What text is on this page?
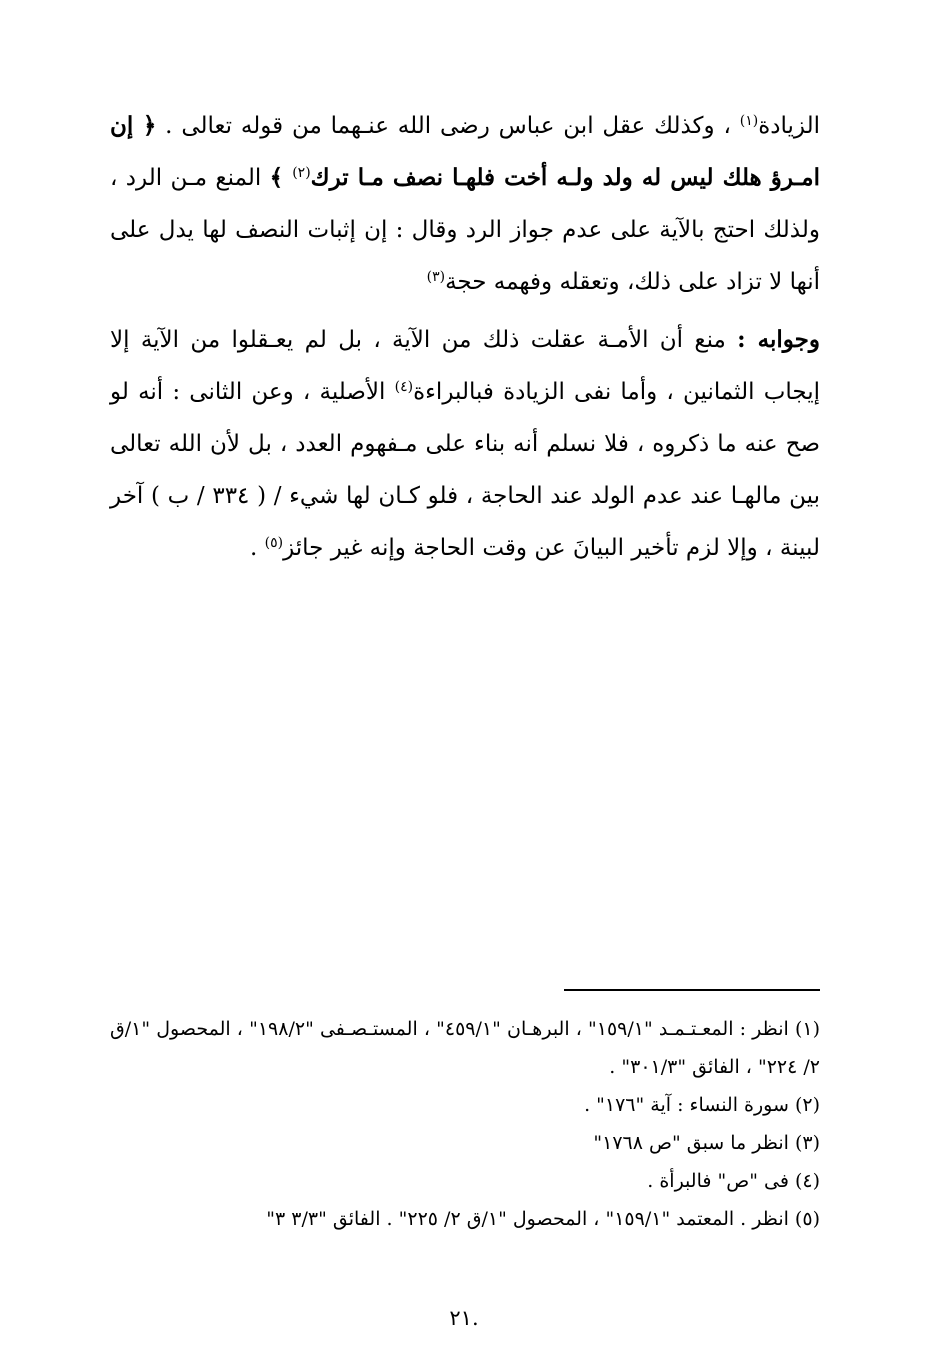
الزيادة$^{(١)}$ ، وكذلك عقل ابن عباس رضى الله عنـهما من قوله تعالى . ﴿ إن امـرؤ هلك ليس له ولد ولـه أخت فلهـا نصف مـا ترك$^{(٢)}$ ﴾ المنع مـن الرد ، ولذلك احتج بالآية على عدم جواز الرد وقال : إن إثبات النصف لها يدل على أنها لا تزاد على ذلك، وتعقله وفهمه حجة$^{(٣)}$

وجوابه : منع أن الأمـة عقلت ذلك من الآية ، بل لم يعـقلوا من الآية إلا إيجاب الثمانين ، وأما نفى الزيادة فبالبراءة$^{(٤)}$ الأصلية ، وعن الثانى : أنه لو صح عنه ما ذكروه ، فلا نسلم أنه بناء على مـفهوم العدد ، بل لأن الله تعالى بين مالهـا عند عدم الولد عند الحاجة ، فلو كـان لها شيء / ( ٣٣٤ / ب ) آخر لبينة ، وإلا لزم تأخير البيانَ عن وقت الحاجة وإنه غير جائز$^{(٥)}$ .

(١) انظر : المعـتـمـد "١٥٩/١" ، البرهـان "٤٥٩/١" ، المستـصـفى "١٩٨/٢" ، المحصول "١/ق ٢/ ٢٢٤" ، الفائق "٣٠١/٣" .
(٢) سورة النساء : آية "١٧٦" .
(٣) انظر ما سبق "ص ١٧٦٨"
(٤) فى "ص" فالبرأة .
(٥) انظر . المعتمد "١٥٩/١" ، المحصول "١/ق ٢/ ٢٢٥" . الفائق "٣/٣ ٣"
٢١.
